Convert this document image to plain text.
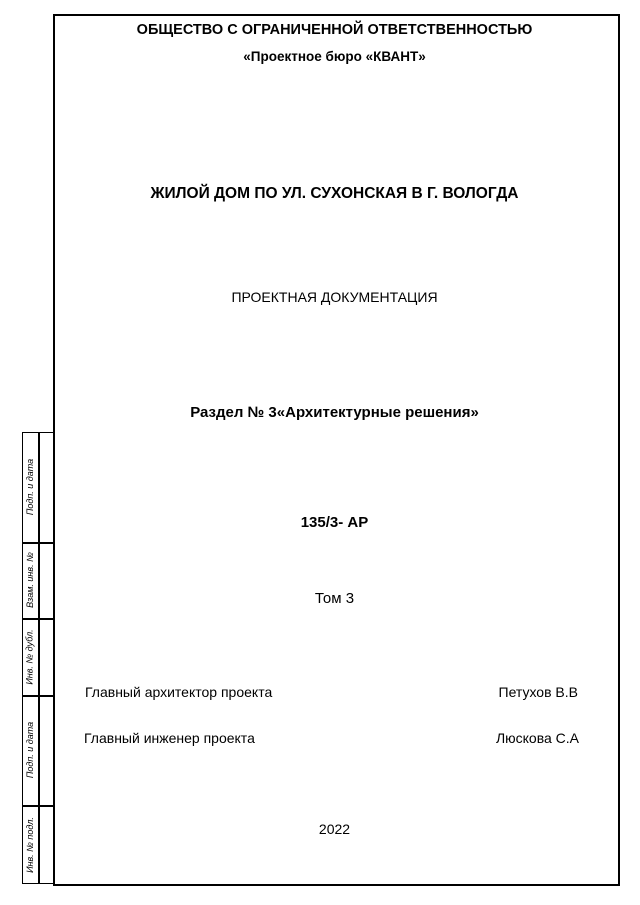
Подп. и дата
Взам. инв. №
Инв. № дубл.
Подп. и дата
Инв. № подл.
ОБЩЕСТВО С ОГРАНИЧЕННОЙ ОТВЕТСТВЕННОСТЬЮ
«Проектное бюро «КВАНТ»
ЖИЛОЙ ДОМ ПО УЛ. СУХОНСКАЯ В Г. ВОЛОГДА
ПРОЕКТНАЯ ДОКУМЕНТАЦИЯ
Раздел № 3«Архитектурные решения»
135/3- АР
Том 3
Главный архитектор проекта	Петухов В.В
Главный инженер проекта	Люскова С.А
2022
